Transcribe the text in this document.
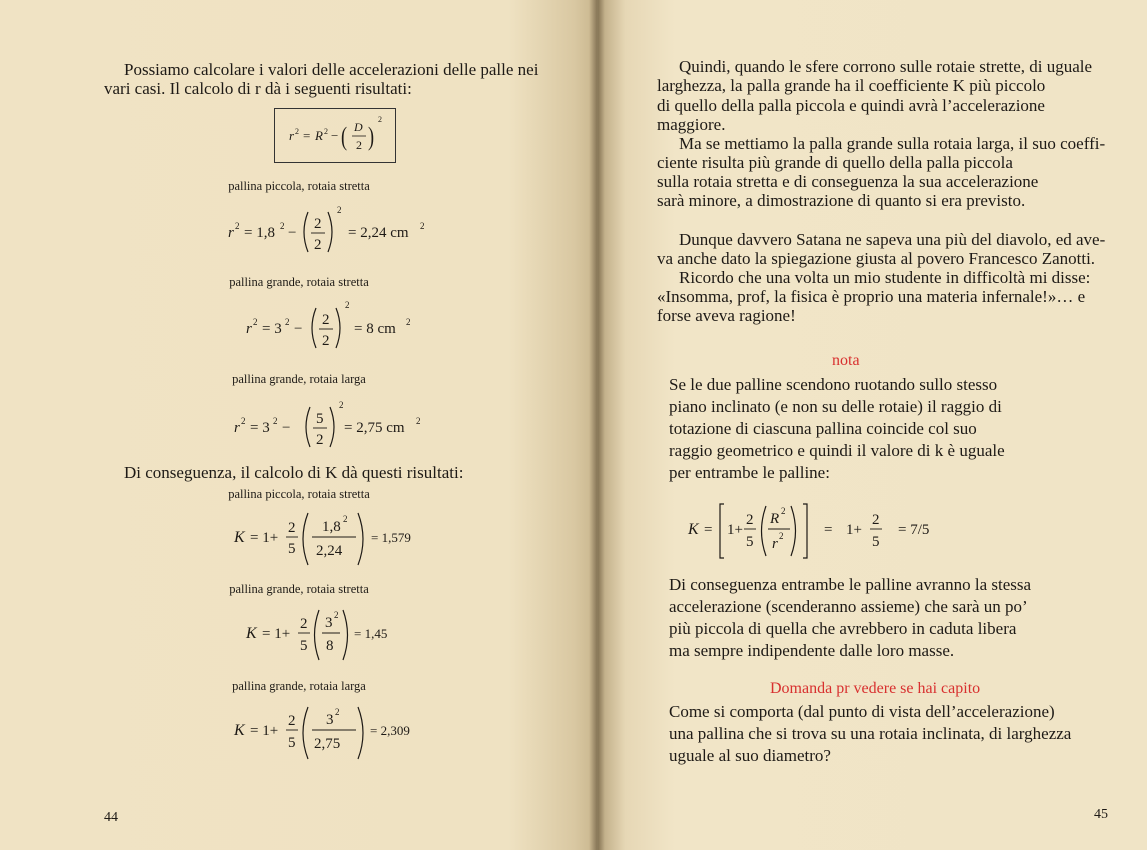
Possiamo calcolare i valori delle accelerazioni delle palle nei

vari casi. Il calcolo di r dà i seguenti risultati:

r 2 = R 2 − ( D
2 )
2
pallina piccola, rotaia stretta
r 2 = 1,8 2 −
2
2
2
= 2,24 cm 2
pallina grande, rotaia stretta
r 2 = 3 2 −
2
2
2
= 8 cm 2
pallina grande, rotaia larga
r 2 = 3 2 −
5
2
2
= 2,75 cm 2

Di conseguenza, il calcolo di K dà questi risultati:

pallina piccola, rotaia stretta
K = 1+
2
5
1,8 2
2,24
= 1,579
pallina grande, rotaia stretta
K = 1+
2
5
3 2
8
= 1,45
pallina grande, rotaia larga
K = 1+
2
5
3 2
2,75
= 2,309
44

Quindi, quando le sfere corrono sulle rotaie strette, di uguale

larghezza, la palla grande ha il coefficiente K più piccolo

di quello della palla piccola e quindi avrà l’accelerazione

maggiore.

Ma se mettiamo la palla grande sulla rotaia larga, il suo coeffi-

ciente risulta più grande di quello della palla piccola

sulla rotaia stretta e di conseguenza la sua accelerazione

sarà minore, a dimostrazione di quanto si era previsto.

Dunque davvero Satana ne sapeva una più del diavolo, ed ave-

va anche dato la spiegazione giusta al povero Francesco Zanotti.

Ricordo che una volta un mio studente in difficoltà mi disse:

«Insomma, prof, la fisica è proprio una materia infernale!»… e

forse aveva ragione!

nota

Se le due palline scendono ruotando sullo stesso

piano inclinato (e non su delle rotaie) il raggio di

totazione di ciascuna pallina coincide col suo

raggio geometrico e quindi il valore di k è uguale

per entrambe le palline:

K = 1+
2
5
R 2
r 2	= 1+
2
5
= 7/5

Di conseguenza entrambe le palline avranno la stessa

accelerazione (scenderanno assieme) che sarà un po’

più piccola di quella che avrebbero in caduta libera

ma sempre indipendente dalle loro masse.

Domanda pr vedere se hai capito

Come si comporta (dal punto di vista dell’accelerazione)

una pallina che si trova su una rotaia inclinata, di larghezza

uguale al suo diametro?

45
